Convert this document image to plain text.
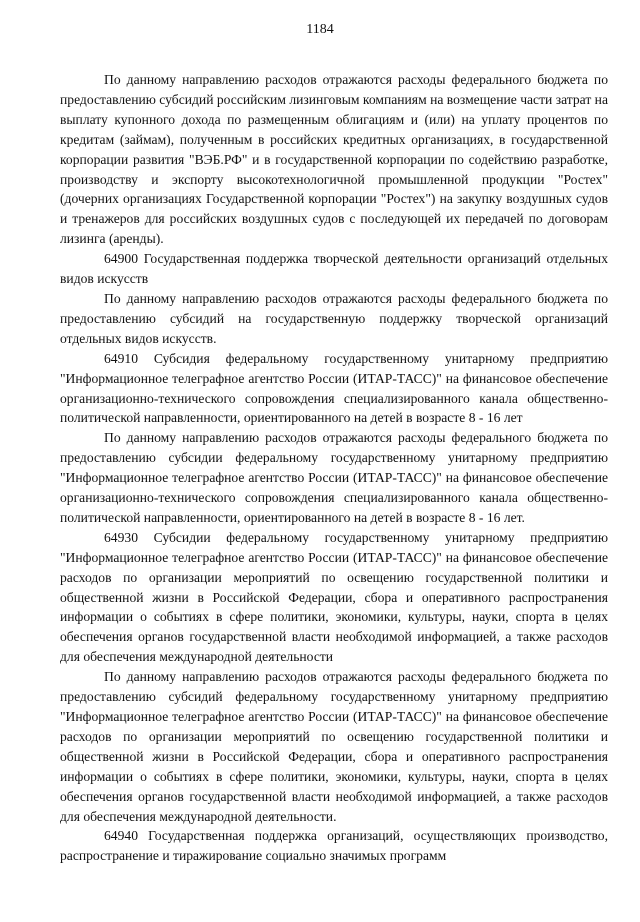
1184

По данному направлению расходов отражаются расходы федерального бюджета по предоставлению субсидий российским лизинговым компаниям на возмещение части затрат на выплату купонного дохода по размещенным облигациям и (или) на уплату процентов по кредитам (займам), полученным в российских кредитных организациях, в государственной корпорации развития "ВЭБ.РФ" и в государственной корпорации по содействию разработке, производству и экспорту высокотехнологичной промышленной продукции "Ростех" (дочерних организациях Государственной корпорации "Ростех") на закупку воздушных судов и тренажеров для российских воздушных судов с последующей их передачей по договорам лизинга (аренды).

64900 Государственная поддержка творческой деятельности организаций отдельных видов искусств

По данному направлению расходов отражаются расходы федерального бюджета по предоставлению субсидий на государственную поддержку творческой организаций отдельных видов искусств.

64910 Субсидия федеральному государственному унитарному предприятию "Информационное телеграфное агентство России (ИТАР-ТАСС)" на финансовое обеспечение организационно-технического сопровождения специализированного канала общественно-политической направленности, ориентированного на детей в возрасте 8 - 16 лет

По данному направлению расходов отражаются расходы федерального бюджета по предоставлению субсидии федеральному государственному унитарному предприятию "Информационное телеграфное агентство России (ИТАР-ТАСС)" на финансовое обеспечение организационно-технического сопровождения специализированного канала общественно-политической направленности, ориентированного на детей в возрасте 8 - 16 лет.

64930 Субсидии федеральному государственному унитарному предприятию "Информационное телеграфное агентство России (ИТАР-ТАСС)" на финансовое обеспечение расходов по организации мероприятий по освещению государственной политики и общественной жизни в Российской Федерации, сбора и оперативного распространения информации о событиях в сфере политики, экономики, культуры, науки, спорта в целях обеспечения органов государственной власти необходимой информацией, а также расходов для обеспечения международной деятельности

По данному направлению расходов отражаются расходы федерального бюджета по предоставлению субсидий федеральному государственному унитарному предприятию "Информационное телеграфное агентство России (ИТАР-ТАСС)" на финансовое обеспечение расходов по организации мероприятий по освещению государственной политики и общественной жизни в Российской Федерации, сбора и оперативного распространения информации о событиях в сфере политики, экономики, культуры, науки, спорта в целях обеспечения органов государственной власти необходимой информацией, а также расходов для обеспечения международной деятельности.

64940 Государственная поддержка организаций, осуществляющих производство, распространение и тиражирование социально значимых программ
